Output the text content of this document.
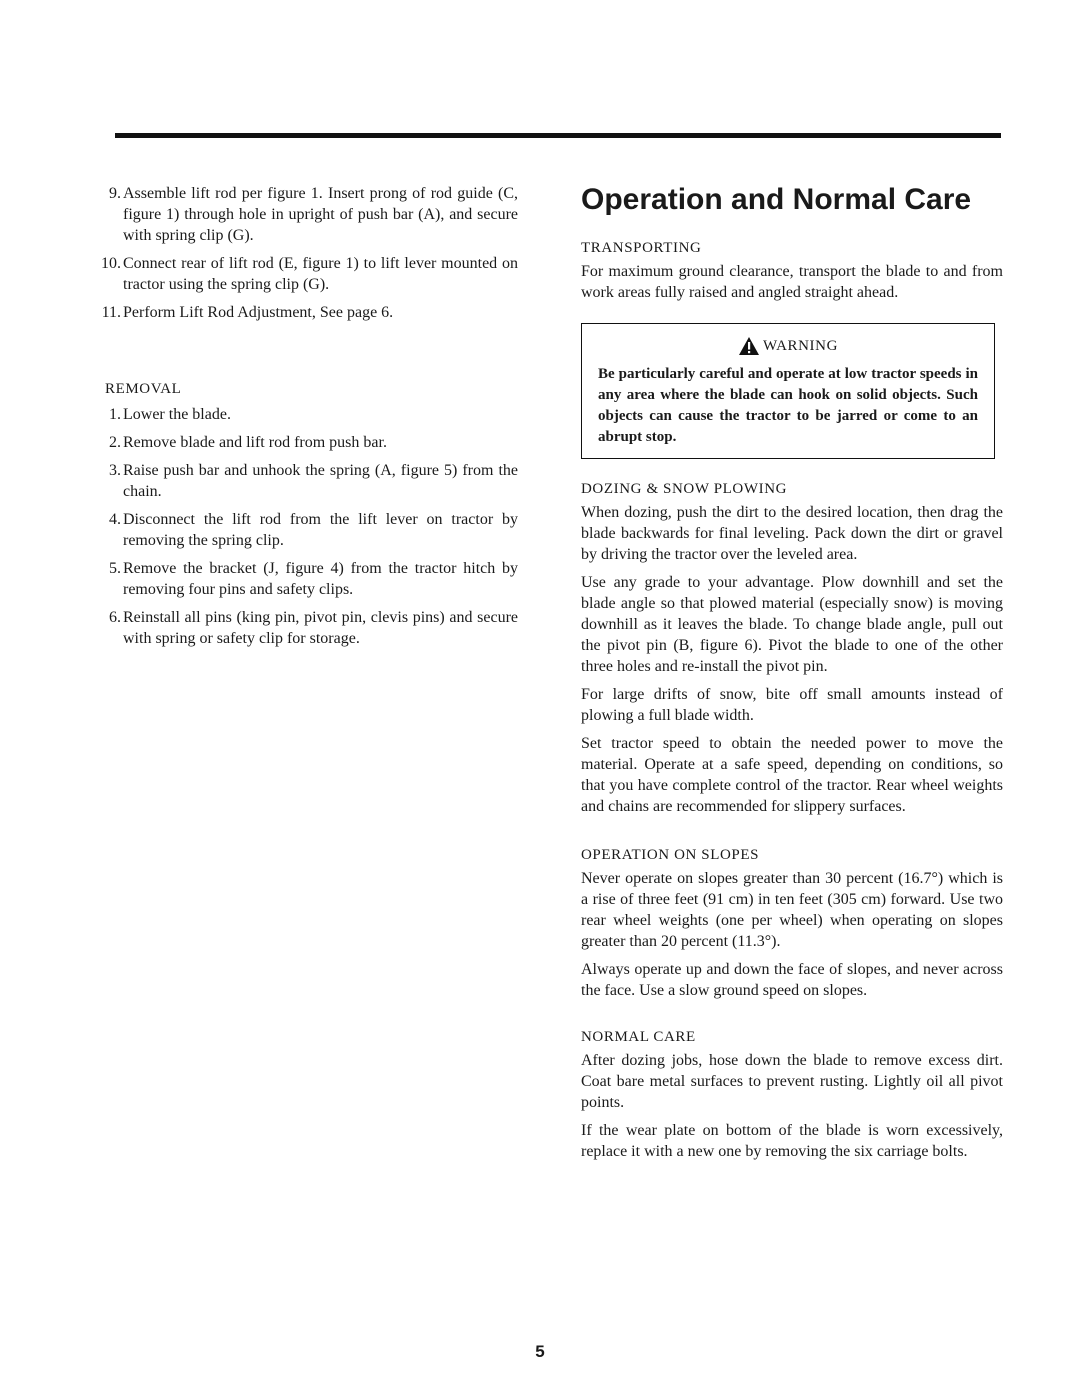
9. Assemble lift rod per figure 1. Insert prong of rod guide (C, figure 1) through hole in upright of push bar (A), and secure with spring clip (G).
10. Connect rear of lift rod (E, figure 1) to lift lever mounted on tractor using the spring clip (G).
11. Perform Lift Rod Adjustment, See page 6.
REMOVAL
1. Lower the blade.
2. Remove blade and lift rod from push bar.
3. Raise push bar and unhook the spring (A, figure 5) from the chain.
4. Disconnect the lift rod from the lift lever on tractor by removing the spring clip.
5. Remove the bracket (J, figure 4) from the tractor hitch by removing four pins and safety clips.
6. Reinstall all pins (king pin, pivot pin, clevis pins) and secure with spring or safety clip for storage.
Operation and Normal Care
TRANSPORTING

For maximum ground clearance, transport the blade to and from work areas fully raised and angled straight ahead.

WARNING
Be particularly careful and operate at low tractor speeds in any area where the blade can hook on solid objects. Such objects can cause the tractor to be jarred or come to an abrupt stop.
DOZING & SNOW PLOWING

When dozing, push the dirt to the desired location, then drag the blade backwards for final leveling. Pack down the dirt or gravel by driving the tractor over the leveled area.

Use any grade to your advantage. Plow downhill and set the blade angle so that plowed material (especially snow) is moving downhill as it leaves the blade. To change blade angle, pull out the pivot pin (B, figure 6). Pivot the blade to one of the other three holes and re-install the pivot pin.

For large drifts of snow, bite off small amounts instead of plowing a full blade width.

Set tractor speed to obtain the needed power to move the material. Operate at a safe speed, depending on conditions, so that you have complete control of the tractor. Rear wheel weights and chains are recommended for slippery surfaces.

OPERATION ON SLOPES

Never operate on slopes greater than 30 percent (16.7°) which is a rise of three feet (91 cm) in ten feet (305 cm) forward. Use two rear wheel weights (one per wheel) when operating on slopes greater than 20 percent (11.3°).

Always operate up and down the face of slopes, and never across the face. Use a slow ground speed on slopes.

NORMAL CARE

After dozing jobs, hose down the blade to remove excess dirt. Coat bare metal surfaces to prevent rusting. Lightly oil all pivot points.

If the wear plate on bottom of the blade is worn excessively, replace it with a new one by removing the six carriage bolts.

5
